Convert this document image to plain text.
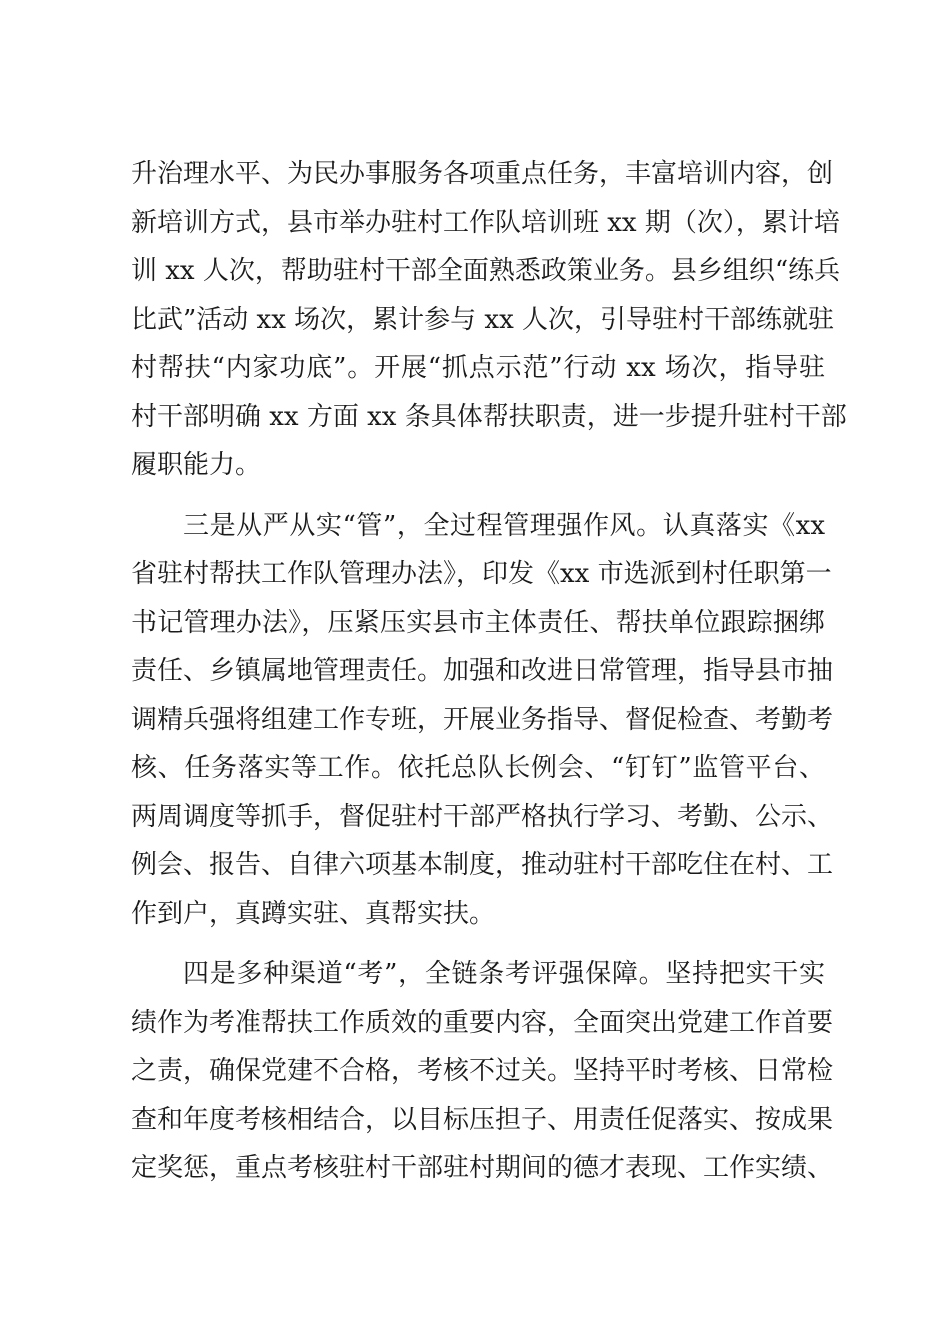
升治理水平、为民办事服务各项重点任务，丰富培训内容，创
新培训方式，县市举办驻村工作队培训班 xx 期（次），累计培
训 xx 人次，帮助驻村干部全面熟悉政策业务。县乡组织“练兵
比武”活动 xx 场次，累计参与 xx 人次，引导驻村干部练就驻
村帮扶“内家功底”。开展“抓点示范”行动 xx 场次，指导驻
村干部明确 xx 方面 xx 条具体帮扶职责，进一步提升驻村干部
履职能力。
三是从严从实“管”，全过程管理强作风。认真落实《xx
省驻村帮扶工作队管理办法》，印发《xx 市选派到村任职第一
书记管理办法》，压紧压实县市主体责任、帮扶单位跟踪捆绑
责任、乡镇属地管理责任。加强和改进日常管理，指导县市抽
调精兵强将组建工作专班，开展业务指导、督促检查、考勤考
核、任务落实等工作。依托总队长例会、“钉钉”监管平台、
两周调度等抓手，督促驻村干部严格执行学习、考勤、公示、
例会、报告、自律六项基本制度，推动驻村干部吃住在村、工
作到户，真蹲实驻、真帮实扶。
四是多种渠道“考”，全链条考评强保障。坚持把实干实
绩作为考准帮扶工作质效的重要内容，全面突出党建工作首要
之责，确保党建不合格，考核不过关。坚持平时考核、日常检
查和年度考核相结合，以目标压担子、用责任促落实、按成果
定奖惩，重点考核驻村干部驻村期间的德才表现、工作实绩、
